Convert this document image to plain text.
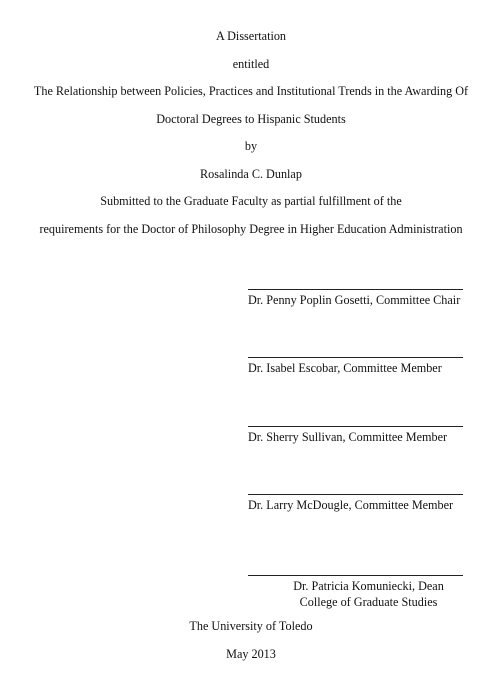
A Dissertation
entitled
The Relationship between Policies, Practices and Institutional Trends in the Awarding Of
Doctoral Degrees to Hispanic Students
by
Rosalinda C. Dunlap
Submitted to the Graduate Faculty as partial fulfillment of the
requirements for the Doctor of Philosophy Degree in Higher Education Administration
Dr. Penny Poplin Gosetti, Committee Chair
Dr. Isabel Escobar, Committee Member
Dr. Sherry Sullivan, Committee Member
Dr. Larry McDougle, Committee Member
Dr. Patricia Komuniecki, Dean
College of Graduate Studies
The University of Toledo
May 2013
